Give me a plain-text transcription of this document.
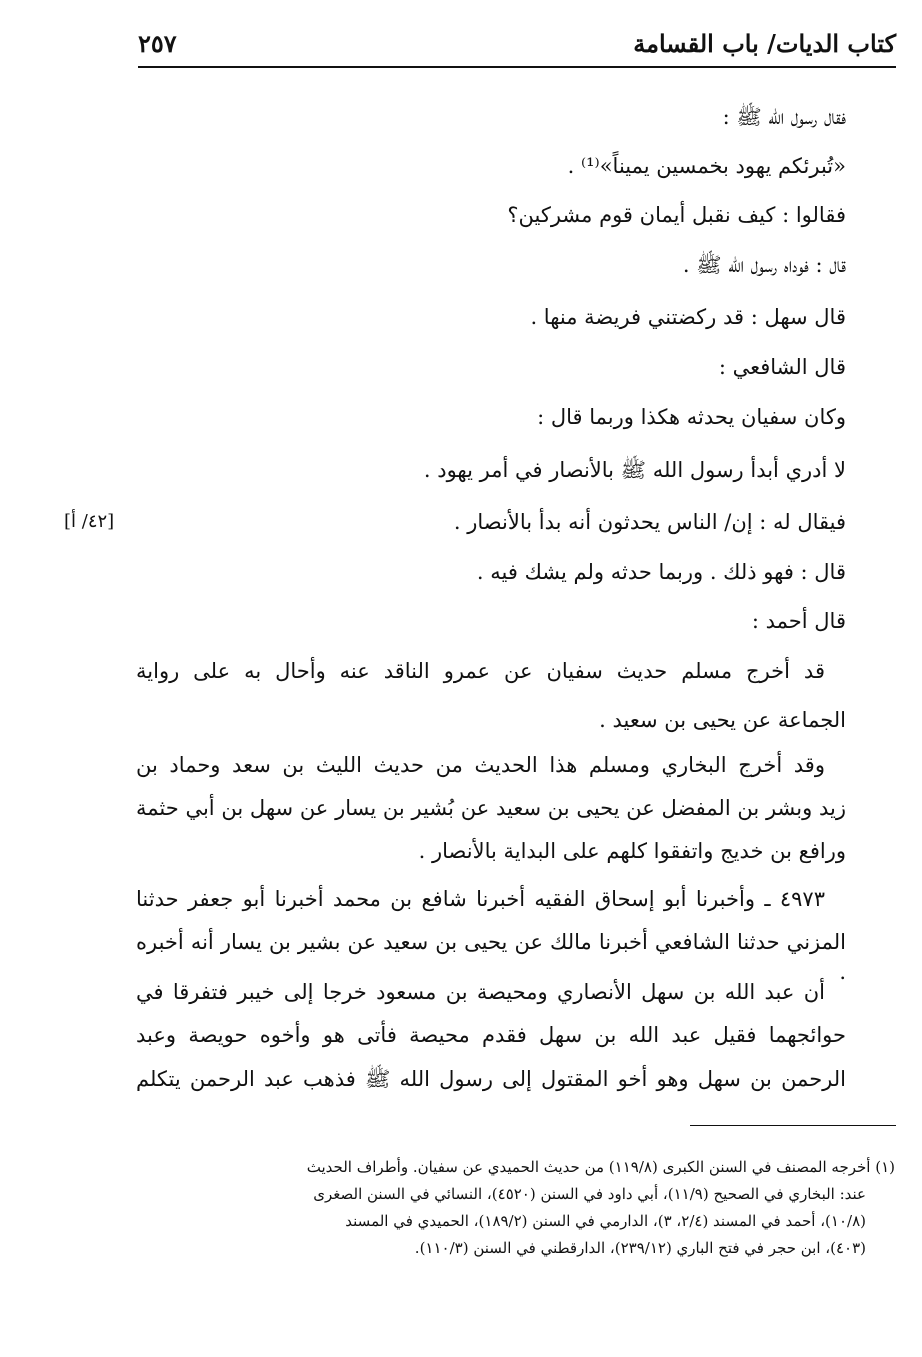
كتاب الديات/ باب القسامة
٢٥٧
فقال رسول الله ﷺ :
«تُبرئكم يهود بخمسين يميناً»⁽¹⁾ .
فقالوا : كيف نقبل أيمان قوم مشركين؟
قال : فوداه رسول الله ﷺ .
قال سهل : قد ركضتني فريضة منها .
قال الشافعي :
وكان سفيان يحدثه هكذا وربما قال :
لا أدري أبدأ رسول الله ﷺ بالأنصار في أمر يهود .
فيقال له : إن/ الناس يحدثون أنه بدأ بالأنصار .
قال : فهو ذلك . وربما حدثه ولم يشك فيه .
قال أحمد :
قد أخرج مسلم حديث سفيان عن عمرو الناقد عنه وأحال به على رواية
الجماعة عن يحيى بن سعيد .
وقد أخرج البخاري ومسلم هذا الحديث من حديث الليث بن سعد وحماد بن
زيد وبشر بن المفضل عن يحيى بن سعيد عن بُشير بن يسار عن سهل بن أبي حثمة
ورافع بن خديج واتفقوا كلهم على البداية بالأنصار .
٤٩٧٣ ـ وأخبرنا أبو إسحاق الفقيه أخبرنا شافع بن محمد أخبرنا أبو جعفر حدثنا
المزني حدثنا الشافعي أخبرنا مالك عن يحيى بن سعيد عن بشير بن يسار أنه أخبره .
أن عبد الله بن سهل الأنصاري ومحيصة بن مسعود خرجا إلى خيبر فتفرقا في
حوائجهما فقيل عبد الله بن سهل فقدم محيصة فأتى هو وأخوه حويصة وعبد
الرحمن بن سهل وهو أخو المقتول إلى رسول الله ﷺ فذهب عبد الرحمن يتكلم
[٤٢/ أ]
(١) أخرجه المصنف في السنن الكبرى (١١٩/٨) من حديث الحميدي عن سفيان. وأطراف الحديث
عند: البخاري في الصحيح (١١/٩)، أبي داود في السنن (٤٥٢٠)، النسائي في السنن الصغرى
(١٠/٨)، أحمد في المسند (٢/٤، ٣)، الدارمي في السنن (١٨٩/٢)، الحميدي في المسند
(٤٠٣)، ابن حجر في فتح الباري (٢٣٩/١٢)، الدارقطني في السنن (١١٠/٣).
